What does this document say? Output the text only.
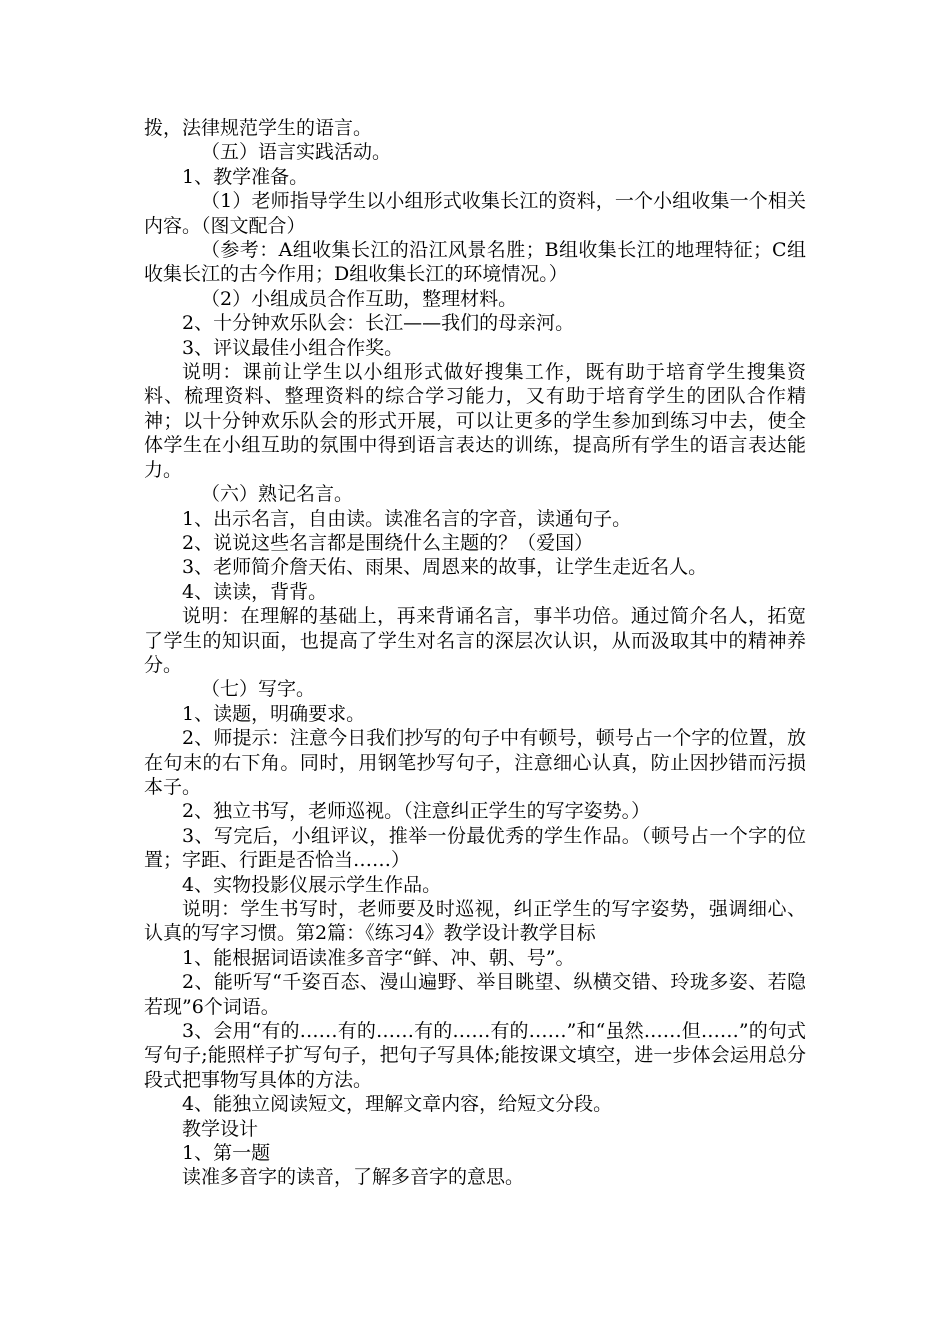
拨，法律规范学生的语言。

（五）语言实践活动。

1、教学准备。

（1）老师指导学生以小组形式收集长江的资料，一个小组收集一个相关内容。（图文配合）

（参考：A组收集长江的沿江风景名胜；B组收集长江的地理特征；C组收集长江的古今作用；D组收集长江的环境情况。）

（2）小组成员合作互助，整理材料。

2、十分钟欢乐队会：长江——我们的母亲河。

3、评议最佳小组合作奖。

说明：课前让学生以小组形式做好搜集工作，既有助于培育学生搜集资料、梳理资料、整理资料的综合学习能力，又有助于培育学生的团队合作精神；以十分钟欢乐队会的形式开展，可以让更多的学生参加到练习中去，使全体学生在小组互助的氛围中得到语言表达的训练，提高所有学生的语言表达能力。

（六）熟记名言。

1、出示名言，自由读。读准名言的字音，读通句子。

2、说说这些名言都是围绕什么主题的？（爱国）

3、老师简介詹天佑、雨果、周恩来的故事，让学生走近名人。

4、读读，背背。

说明：在理解的基础上，再来背诵名言，事半功倍。通过简介名人，拓宽了学生的知识面，也提高了学生对名言的深层次认识，从而汲取其中的精神养分。

（七）写字。

1、读题，明确要求。

2、师提示：注意今日我们抄写的句子中有顿号，顿号占一个字的位置，放在句末的右下角。同时，用钢笔抄写句子，注意细心认真，防止因抄错而污损本子。

2、独立书写，老师巡视。（注意纠正学生的写字姿势。）

3、写完后，小组评议，推举一份最优秀的学生作品。（顿号占一个字的位置；字距、行距是否恰当……）

4、实物投影仪展示学生作品。

说明：学生书写时，老师要及时巡视，纠正学生的写字姿势，强调细心、认真的写字习惯。第2篇：《练习4》教学设计教学目标

1、能根据词语读准多音字“鲜、冲、朝、号”。

2、能听写“千姿百态、漫山遍野、举目眺望、纵横交错、玲珑多姿、若隐若现”6个词语。

3、会用“有的……有的……有的……有的……”和“虽然……但……”的句式写句子;能照样子扩写句子，把句子写具体;能按课文填空，进一步体会运用总分段式把事物写具体的方法。

4、能独立阅读短文，理解文章内容，给短文分段。

教学设计

1、第一题

读准多音字的读音，了解多音字的意思。
